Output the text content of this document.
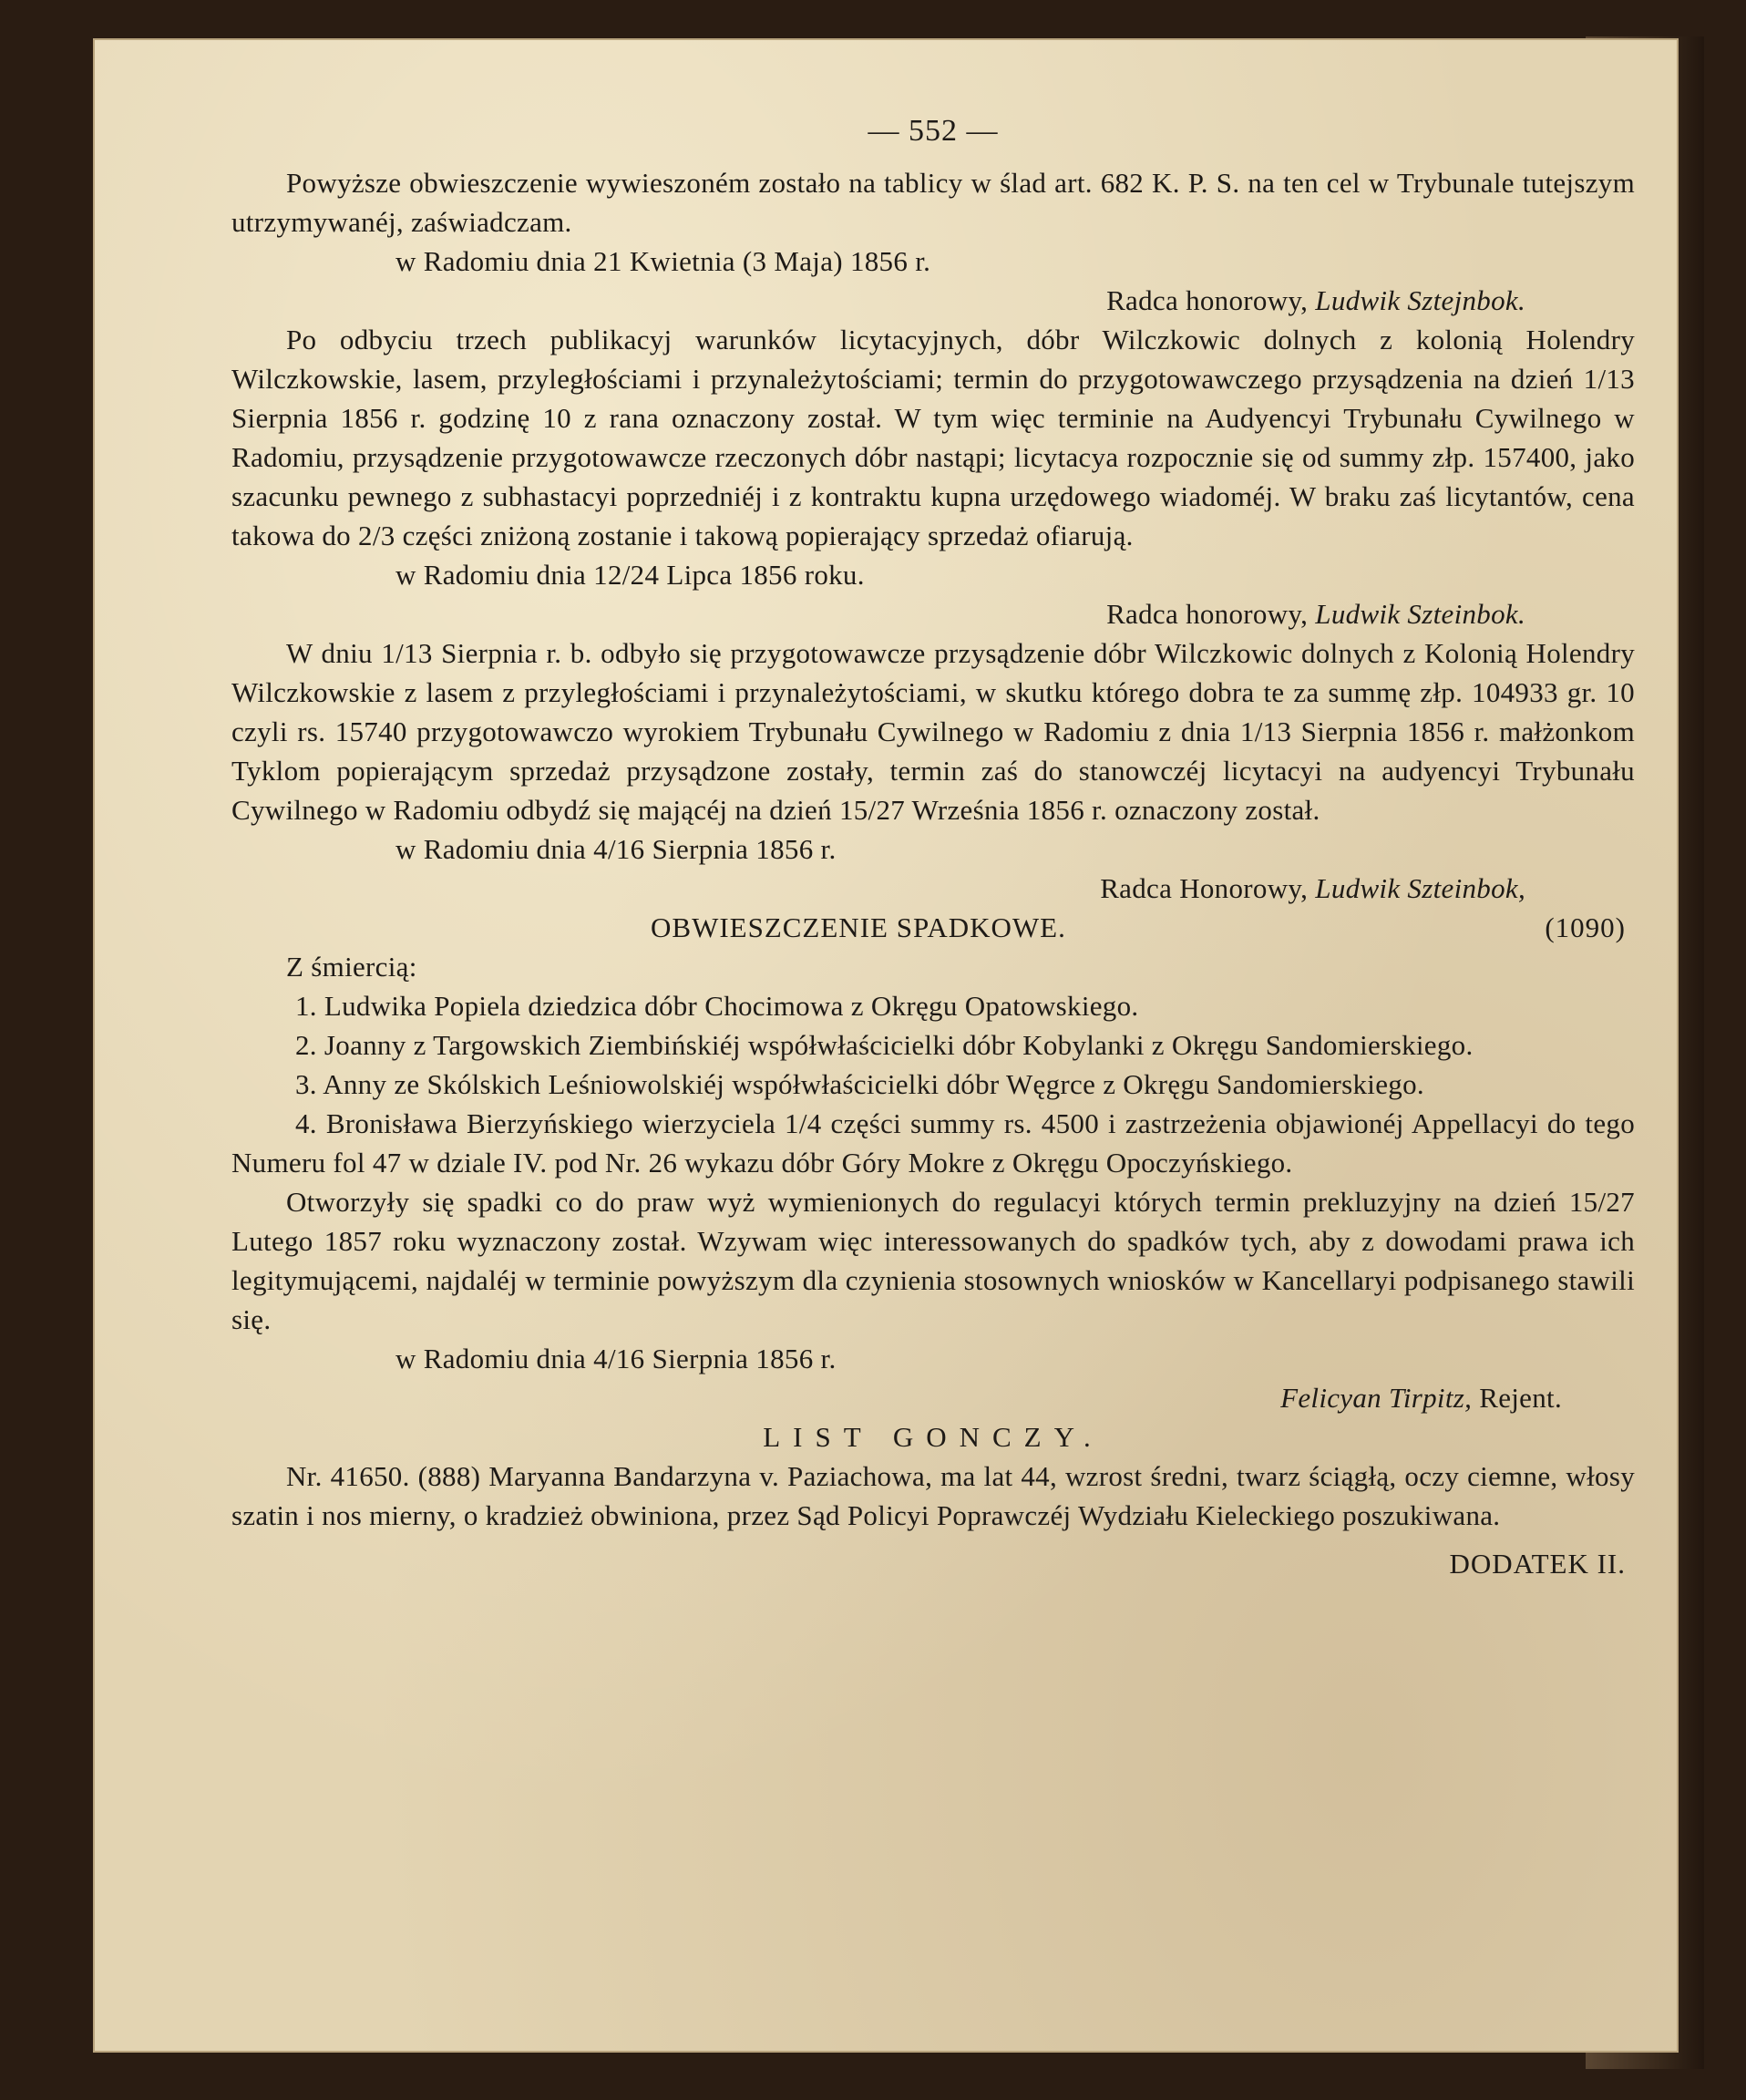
— 552 —

Powyższe obwieszczenie wywieszoném zostało na tablicy w ślad art. 682 K. P. S. na ten cel w Trybunale tutejszym utrzymywanéj, zaświadczam.

w Radomiu dnia 21 Kwietnia (3 Maja) 1856 r.

Radca honorowy, Ludwik Sztejnbok.

Po odbyciu trzech publikacyj warunków licytacyjnych, dóbr Wilczkowic dolnych z kolonią Holendry Wilczkowskie, lasem, przyległościami i przynależytościami; termin do przygotowawczego przysądzenia na dzień 1/13 Sierpnia 1856 r. godzinę 10 z rana oznaczony został. W tym więc terminie na Audyencyi Trybunału Cywilnego w Radomiu, przysądzenie przygotowawcze rzeczonych dóbr nastąpi; licytacya rozpocznie się od summy złp. 157400, jako szacunku pewnego z subhastacyi poprzedniéj i z kontraktu kupna urzędowego wiadoméj. W braku zaś licytantów, cena takowa do 2/3 części zniżoną zostanie i takową popierający sprzedaż ofiarują.

w Radomiu dnia 12/24 Lipca 1856 roku.

Radca honorowy, Ludwik Szteinbok.

W dniu 1/13 Sierpnia r. b. odbyło się przygotowawcze przysądzenie dóbr Wilczkowic dolnych z Kolonią Holendry Wilczkowskie z lasem z przyległościami i przynależytościami, w skutku którego dobra te za summę złp. 104933 gr. 10 czyli rs. 15740 przygotowawczo wyrokiem Trybunału Cywilnego w Radomiu z dnia 1/13 Sierpnia 1856 r. małżonkom Tyklom popierającym sprzedaż przysądzone zostały, termin zaś do stanowczéj licytacyi na audyencyi Trybunału Cywilnego w Radomiu odbydź się mającéj na dzień 15/27 Września 1856 r. oznaczony został.

w Radomiu dnia 4/16 Sierpnia 1856 r.

Radca Honorowy, Ludwik Szteinbok,

OBWIESZCZENIE SPADKOWE.	(1090)

Z śmiercią:

1. Ludwika Popiela dziedzica dóbr Chocimowa z Okręgu Opatowskiego.

2. Joanny z Targowskich Ziembińskiéj współwłaścicielki dóbr Kobylanki z Okręgu Sandomierskiego.

3. Anny ze Skólskich Leśniowolskiéj współwłaścicielki dóbr Węgrce z Okręgu Sandomierskiego.

4. Bronisława Bierzyńskiego wierzyciela 1/4 części summy rs. 4500 i zastrzeżenia objawionéj Appellacyi do tego Numeru fol 47 w dziale IV. pod Nr. 26 wykazu dóbr Góry Mokre z Okręgu Opoczyńskiego.

Otworzyły się spadki co do praw wyż wymienionych do regulacyi których termin prekluzyjny na dzień 15/27 Lutego 1857 roku wyznaczony został. Wzywam więc interessowanych do spadków tych, aby z dowodami prawa ich legitymującemi, najdaléj w terminie powyższym dla czynienia stosownych wniosków w Kancellaryi podpisanego stawili się.

w Radomiu dnia 4/16 Sierpnia 1856 r.

Felicyan Tirpitz, Rejent.

LIST GONCZY.

Nr. 41650. (888) Maryanna Bandarzyna v. Paziachowa, ma lat 44, wzrost średni, twarz ściągłą, oczy ciemne, włosy szatin i nos mierny, o kradzież obwiniona, przez Sąd Policyi Poprawczéj Wydziału Kieleckiego poszukiwana.

DODATEK II.
